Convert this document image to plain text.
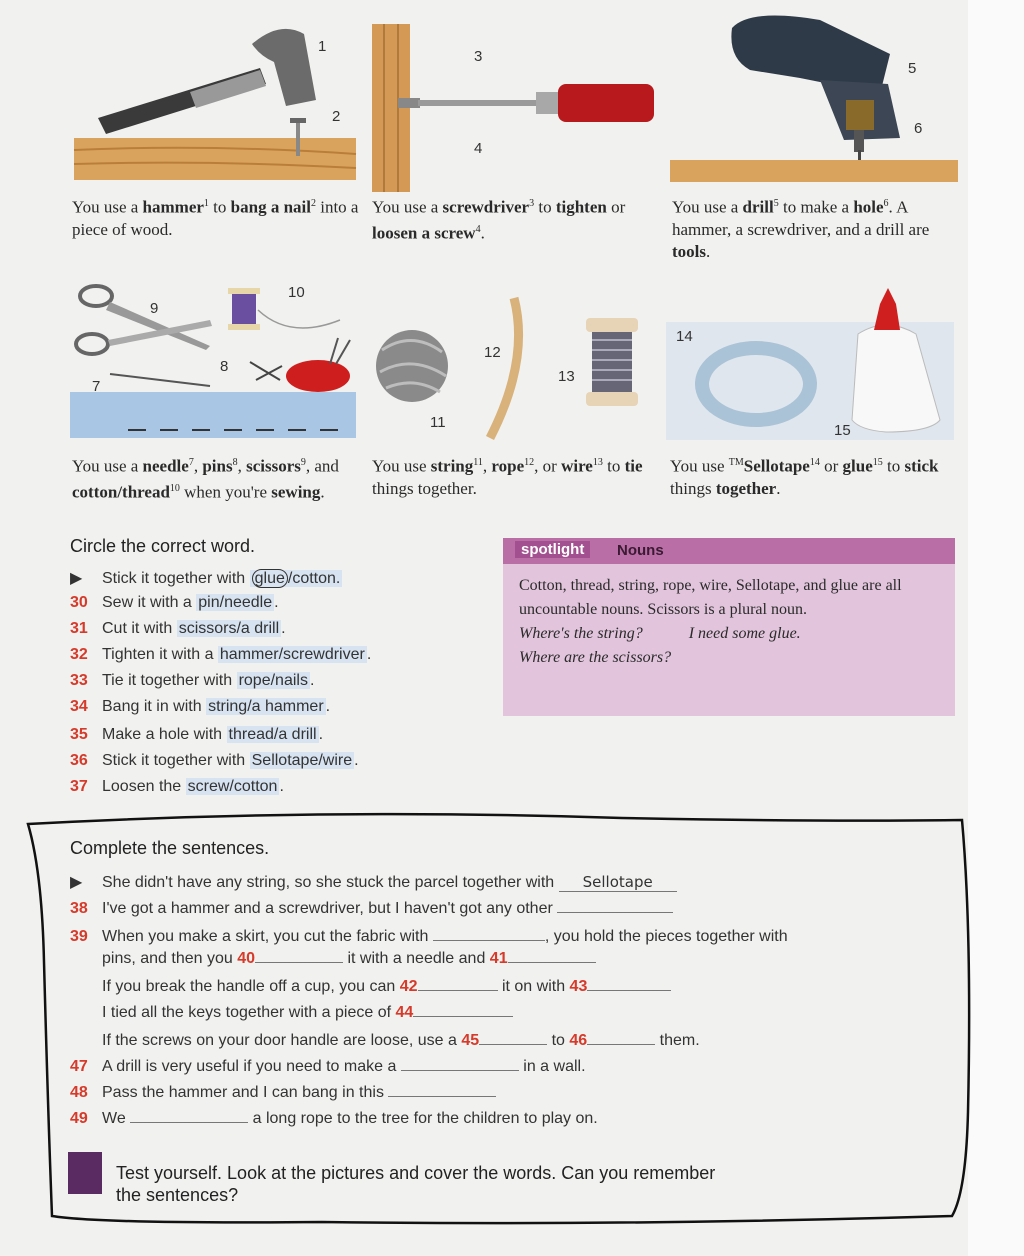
1
2
3
4
5
6
You use a hammer$^1$ to bang a nail$^2$ into a piece of wood.
You use a screwdriver$^3$ to tighten or loosen a screw$^4$.
You use a drill$^5$ to make a hole$^6$. A hammer, a screwdriver, and a drill are tools.
10
9
8
7
11
12
13
14
15
You use a needle$^7$, pins$^8$, scissors$^9$, and cotton/thread$^{10}$ when you're sewing.
You use string$^{11}$, rope$^{12}$, or wire$^{13}$ to tie things together.
You use ™Sellotape$^{14}$ or glue$^{15}$ to stick things together.
Circle the correct word.
▶ Stick it together with glue /cotton.
30 Sew it with a pin/needle .
31 Cut it with scissors/a drill .
32 Tighten it with a hammer/screwdriver .
33 Tie it together with rope/nails .
34 Bang it in with string/a hammer .
35 Make a hole with thread/a drill .
36 Stick it together with Sellotape/wire .
37 Loosen the screw/cotton .
spotlight	Nouns
Cotton, thread, string, rope, wire, Sellotape, and glue are all uncountable nouns. Scissors is a plural noun.
Where's the string?	I need some glue.
Where are the scissors?
Complete the sentences.
▶ She didn't have any string, so she stuck the parcel together with Sellotape
38 I've got a hammer and a screwdriver, but I haven't got any other
39 When you make a skirt, you cut the fabric with	, you hold the pieces together with
pins, and then you 40	it with a needle and 41
If you break the handle off a cup, you can 42	it on with 43
I tied all the keys together with a piece of 44
If the screws on your door handle are loose, use a 45	to 46	them.
47 A drill is very useful if you need to make a	in a wall.
48 Pass the hammer and I can bang in this
49 We	a long rope to the tree for the children to play on.
Test yourself. Look at the pictures and cover the words. Can you remember
the sentences?
